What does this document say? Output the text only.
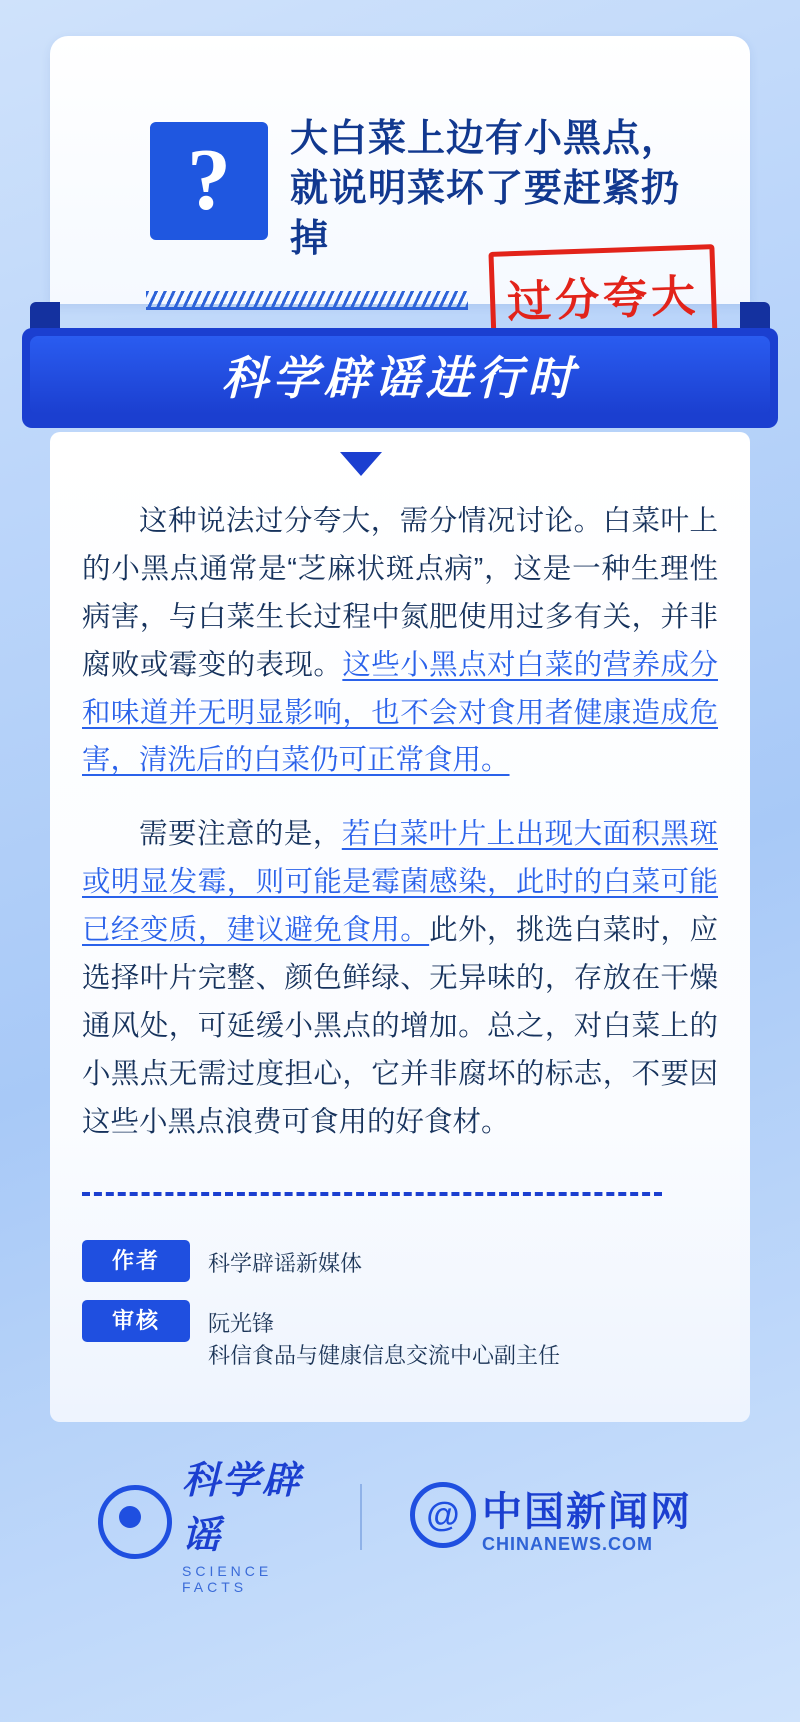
?	大白菜上边有小黑点，就说明菜坏了要赶紧扔掉
过分夸大
科学辟谣进行时

这种说法过分夸大，需分情况讨论。白菜叶上的小黑点通常是“芝麻状斑点病”，这是一种生理性病害，与白菜生长过程中氮肥使用过多有关，并非腐败或霉变的表现。这些小黑点对白菜的营养成分和味道并无明显影响，也不会对食用者健康造成危害，清洗后的白菜仍可正常食用。

需要注意的是，若白菜叶片上出现大面积黑斑或明显发霉，则可能是霉菌感染，此时的白菜可能已经变质，建议避免食用。此外，挑选白菜时，应选择叶片完整、颜色鲜绿、无异味的，存放在干燥通风处，可延缓小黑点的增加。总之，对白菜上的小黑点无需过度担心，它并非腐坏的标志，不要因这些小黑点浪费可食用的好食材。

作者 科学辟谣新媒体
审核 阮光锋
科信食品与健康信息交流中心副主任
科学辟谣
SCIENCE FACTS
@ 中国新闻网
CHINANEWS.COM
